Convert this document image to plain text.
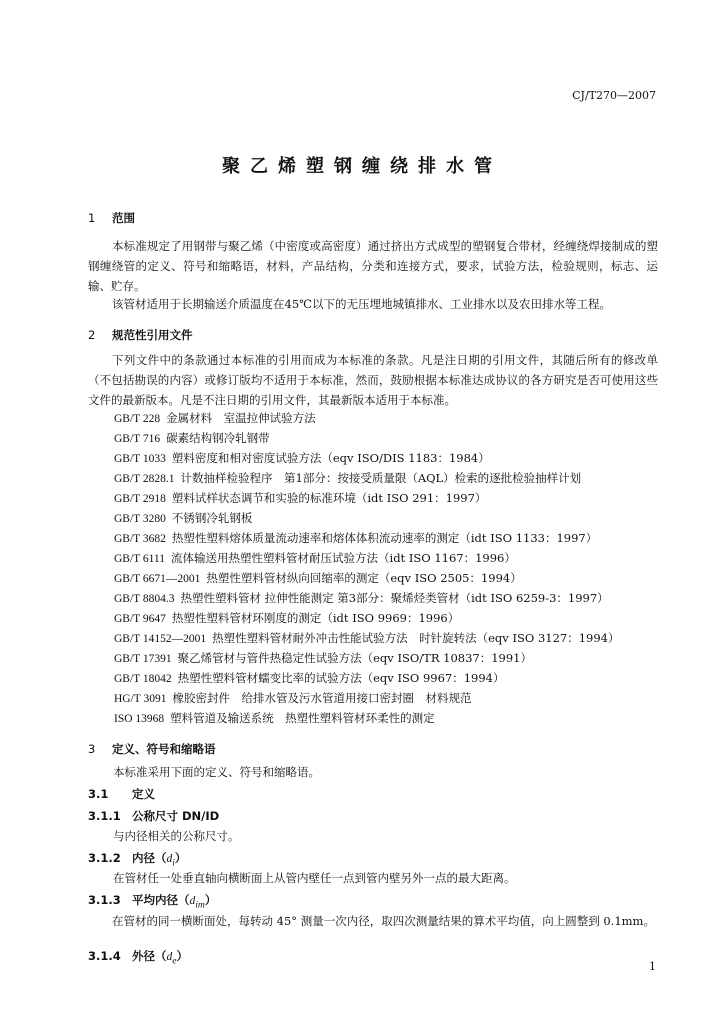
CJ/T270—2007
聚乙烯塑钢缠绕排水管
1 范围
本标准规定了用钢带与聚乙烯（中密度或高密度）通过挤出方式成型的塑钢复合带材，经缠绕焊接制成的塑钢缠绕管的定义、符号和缩略语，材料，产品结构，分类和连接方式，要求，试验方法，检验规则，标志、运输、贮存。
该管材适用于长期输送介质温度在45℃以下的无压埋地城镇排水、工业排水以及农田排水等工程。
2 规范性引用文件
下列文件中的条款通过本标准的引用而成为本标准的条款。凡是注日期的引用文件，其随后所有的修改单（不包括勘误的内容）或修订版均不适用于本标准，然而，鼓励根据本标准达成协议的各方研究是否可使用这些文件的最新版本。凡是不注日期的引用文件，其最新版本适用于本标准。
GB/T 228 金属材料　室温拉伸试验方法
GB/T 716 碳素结构钢冷轧钢带
GB/T 1033 塑料密度和相对密度试验方法（eqv ISO/DIS 1183：1984）
GB/T 2828.1 计数抽样检验程序　第1部分：按接受质量限（AQL）检索的逐批检验抽样计划
GB/T 2918 塑料试样状态调节和实验的标准环境（idt ISO 291：1997）
GB/T 3280 不锈钢冷轧钢板
GB/T 3682 热塑性塑料熔体质量流动速率和熔体体积流动速率的测定（idt ISO 1133：1997）
GB/T 6111 流体输送用热塑性塑料管材耐压试验方法（idt ISO 1167：1996）
GB/T 6671—2001 热塑性塑料管材纵向回缩率的测定（eqv ISO 2505：1994）
GB/T 8804.3 热塑性塑料管材 拉伸性能测定 第3部分：聚烯烃类管材（idt ISO 6259-3：1997）
GB/T 9647 热塑性塑料管材环刚度的测定（idt ISO 9969：1996）
GB/T 14152—2001 热塑性塑料管材耐外冲击性能试验方法　时针旋转法（eqv ISO 3127：1994）
GB/T 17391 聚乙烯管材与管件热稳定性试验方法（eqv ISO/TR 10837：1991）
GB/T 18042 热塑性塑料管材蠕变比率的试验方法（eqv ISO 9967：1994）
HG/T 3091 橡胶密封件　给排水管及污水管道用接口密封圈　材料规范
ISO 13968 塑料管道及输送系统　热塑性塑料管材环柔性的测定
3 定义、符号和缩略语
本标准采用下面的定义、符号和缩略语。
3.1 定义
3.1.1 公称尺寸 DN/ID
与内径相关的公称尺寸。
3.1.2 内径$(d_i)$
在管材任一处垂直轴向横断面上从管内壁任一点到管内壁另外一点的最大距离。
3.1.3 平均内径$(d_{im})$
在管材的同一横断面处，每转动 45° 测量一次内径，取四次测量结果的算术平均值，向上圆整到 0.1mm。
3.1.4 外径$(d_e)$
1
